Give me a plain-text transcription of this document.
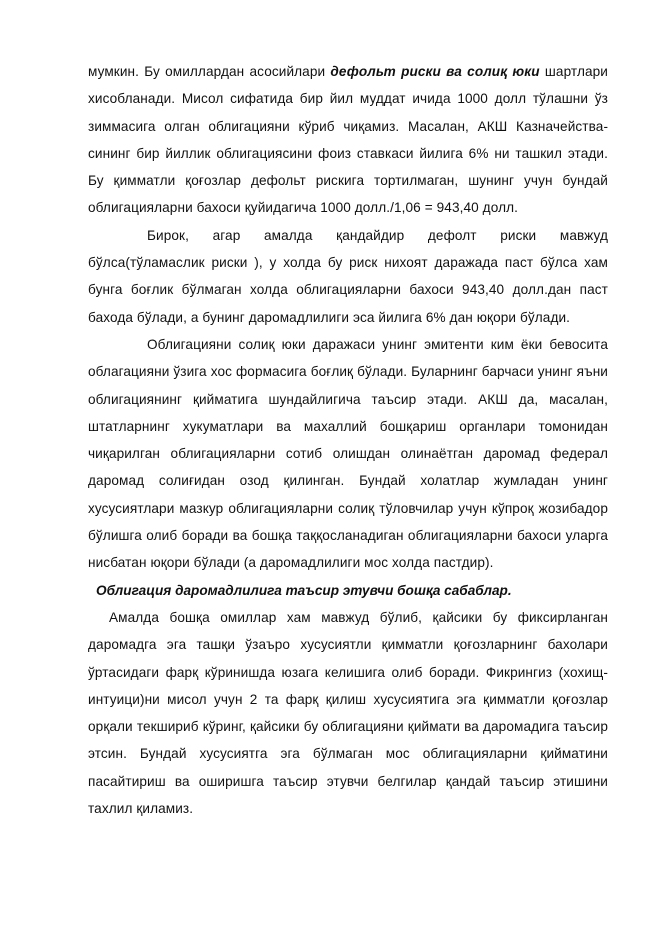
мумкин. Бу омиллардан асосийлари дефольт риски ва солиқ юки шартлари хисобланади. Мисол сифатида бир йил муддат ичида 1000 долл тўлашни ўз зиммасига олган облигацияни кўриб чиқамиз. Масалан, АКШ Казначействасининг бир йиллик облигациясини фоиз ставкаси йилига 6% ни ташкил этади. Бу қимматли қоғозлар дефольт рискига тортилмаган, шунинг учун бундай облигацияларни бахоси қуйидагича 1000 долл./1,06 = 943,40 долл.

Бирок, агар амалда қандайдир дефолт риски мавжуд бўлса(тўламаслик риски ), у холда бу риск нихоят даражада паст бўлса хам бунга боғлик бўлмаган холда облигацияларни бахоси 943,40 долл.дан паст бахода бўлади, а бунинг даромадлилиги эса йилига 6% дан юқори бўлади.

Облигацияни солиқ юки даражаси унинг эмитенти ким ёки бевосита облагацияни ўзига хос формасига боғлиқ бўлади. Буларнинг барчаси унинг яъни облигациянинг қийматига шундайлигича таъсир этади. АКШ да, масалан, штатларнинг хукуматлари ва махаллий бошқариш органлари томонидан чиқарилган облигацияларни сотиб олишдан олинаётган даромад федерал даромад солиғидан озод қилинган. Бундай холатлар жумладан унинг хусусиятлари мазкур облигацияларни солиқ тўловчилар учун кўпроқ жозибадор бўлишга олиб боради ва бошқа таққосланадиган облигацияларни бахоси уларга нисбатан юқори бўлади (а даромадлилиги мос холда пастдир).

Облигация даромадлилига таъсир этувчи бошқа сабаблар.

Амалда бошқа омиллар хам мавжуд бўлиб, қайсики бу фиксирланган даромадга эга ташқи ўзаъро хусусиятли қимматли қоғозларнинг бахолари ўртасидаги фарқ кўринишда юзага келишига олиб боради. Фикрингиз (хохищ-интуици)ни мисол учун 2 та фарқ қилиш хусусиятига эга қимматли қоғозлар орқали текшириб кўринг, қайсики бу облигацияни қиймати ва даромадига таъсир этсин. Бундай хусусиятга эга бўлмаган мос облигацияларни қийматини пасайтириш ва оширишга таъсир этувчи белгилар қандай таъсир этишини тахлил қиламиз.
